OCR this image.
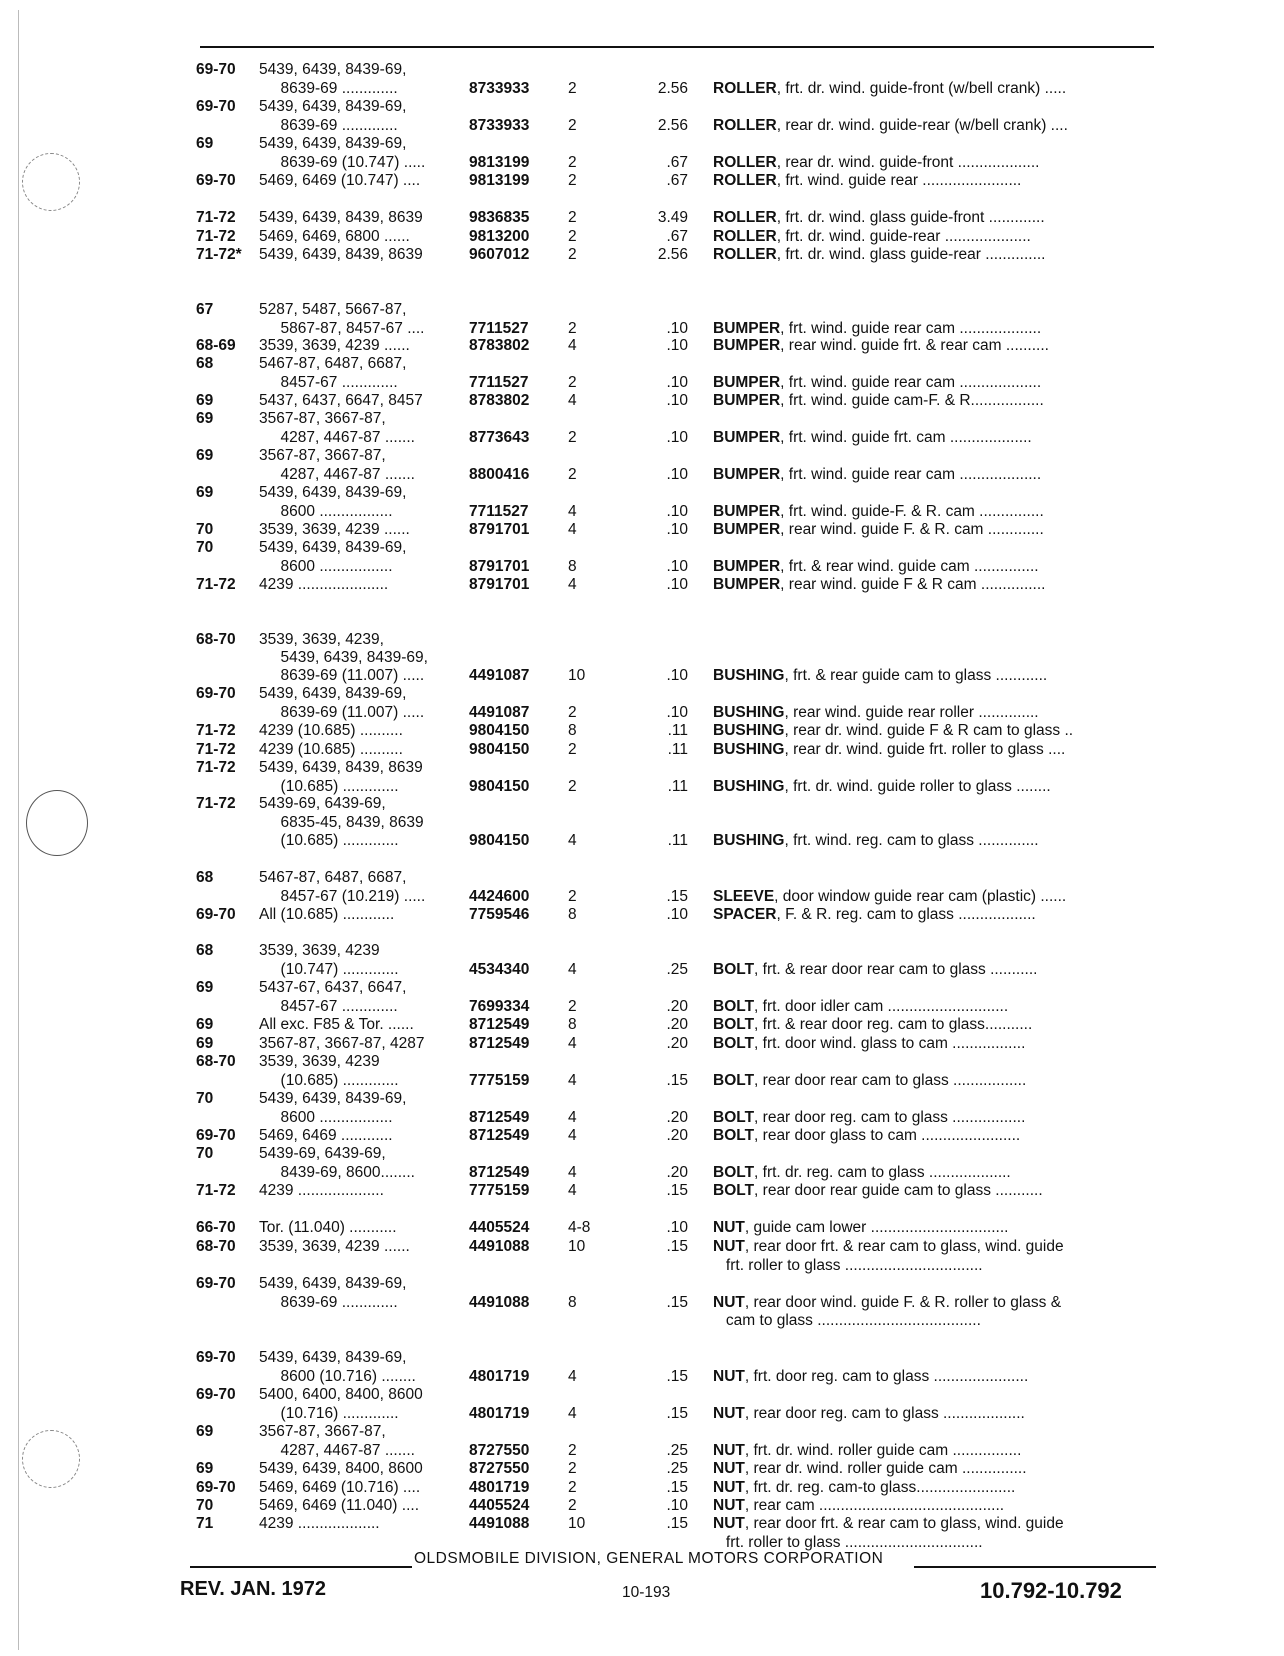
69-70	5439, 6439, 8439-69,
8639-69 .............	8733933	2	2.56 ROLLER, frt. dr. wind. guide-front (w/bell crank) .....
69-70	5439, 6439, 8439-69,
8639-69 .............	8733933	2	2.56 ROLLER, rear dr. wind. guide-rear (w/bell crank) ....
69	5439, 6439, 8439-69,
8639-69 (10.747) .....	9813199	2	.67 ROLLER, rear dr. wind. guide-front ...................
69-70	5469, 6469 (10.747) ....	9813199	2	.67 ROLLER, frt. wind. guide rear .......................
71-72	5439, 6439, 8439, 8639	9836835	2	3.49 ROLLER, frt. dr. wind. glass guide-front .............
71-72	5469, 6469, 6800 ......	9813200	2	.67 ROLLER, frt. dr. wind. guide-rear ....................
71-72*	5439, 6439, 8439, 8639	9607012	2	2.56 ROLLER, frt. dr. wind. glass guide-rear ..............
67	5287, 5487, 5667-87,
5867-87, 8457-67 ....	7711527	2	.10 BUMPER, frt. wind. guide rear cam ...................
68-69	3539, 3639, 4239 ......	8783802	4	.10 BUMPER, rear wind. guide frt. & rear cam ..........
68	5467-87, 6487, 6687,
8457-67 .............	7711527	2	.10 BUMPER, frt. wind. guide rear cam ...................
69	5437, 6437, 6647, 8457	8783802	4	.10 BUMPER, frt. wind. guide cam-F. & R.................
69	3567-87, 3667-87,
4287, 4467-87 .......	8773643	2	.10 BUMPER, frt. wind. guide frt. cam ...................
69	3567-87, 3667-87,
4287, 4467-87 .......	8800416	2	.10 BUMPER, frt. wind. guide rear cam ...................
69	5439, 6439, 8439-69,
8600 .................	7711527	4	.10 BUMPER, frt. wind. guide-F. & R. cam ...............
70	3539, 3639, 4239 ......	8791701	4	.10 BUMPER, rear wind. guide F. & R. cam .............
70	5439, 6439, 8439-69,
8600 .................	8791701	8	.10 BUMPER, frt. & rear wind. guide cam ...............
71-72	4239 .....................	8791701	4	.10 BUMPER, rear wind. guide F & R cam ...............
68-70	3539, 3639, 4239,
5439, 6439, 8439-69,
8639-69 (11.007) .....	4491087	10	.10 BUSHING, frt. & rear guide cam to glass ............
69-70	5439, 6439, 8439-69,
8639-69 (11.007) .....	4491087	2	.10 BUSHING, rear wind. guide rear roller ..............
71-72	4239 (10.685) ..........	9804150	8	.11 BUSHING, rear dr. wind. guide F & R cam to glass ..
71-72	4239 (10.685) ..........	9804150	2	.11 BUSHING, rear dr. wind. guide frt. roller to glass ....
71-72	5439, 6439, 8439, 8639
(10.685) .............	9804150	2	.11 BUSHING, frt. dr. wind. guide roller to glass ........
71-72	5439-69, 6439-69,
6835-45, 8439, 8639
(10.685) .............	9804150	4	.11 BUSHING, frt. wind. reg. cam to glass ..............
68	5467-87, 6487, 6687,
8457-67 (10.219) .....	4424600	2	.15 SLEEVE, door window guide rear cam (plastic) ......
69-70	All (10.685) ............	7759546	8	.10 SPACER, F. & R. reg. cam to glass ..................
68	3539, 3639, 4239
(10.747) .............	4534340	4	.25 BOLT, frt. & rear door rear cam to glass ...........
69	5437-67, 6437, 6647,
8457-67 .............	7699334	2	.20 BOLT, frt. door idler cam ............................
69	All exc. F85 & Tor. ......	8712549	8	.20 BOLT, frt. & rear door reg. cam to glass...........
69	3567-87, 3667-87, 4287	8712549	4	.20 BOLT, frt. door wind. glass to cam .................
68-70	3539, 3639, 4239
(10.685) .............	7775159	4	.15 BOLT, rear door rear cam to glass .................
70	5439, 6439, 8439-69,
8600 .................	8712549	4	.20 BOLT, rear door reg. cam to glass .................
69-70	5469, 6469 ............	8712549	4	.20 BOLT, rear door glass to cam .......................
70	5439-69, 6439-69,
8439-69, 8600........	8712549	4	.20 BOLT, frt. dr. reg. cam to glass ...................
71-72	4239 ....................	7775159	4	.15 BOLT, rear door rear guide cam to glass ...........
66-70	Tor. (11.040) ...........	4405524	4-8	.10 NUT, guide cam lower ................................
68-70	3539, 3639, 4239 ......	4491088	10	.15 NUT, rear door frt. & rear cam to glass, wind. guide
frt. roller to glass ................................
69-70	5439, 6439, 8439-69,
8639-69 .............	4491088	8	.15 NUT, rear door wind. guide F. & R. roller to glass &
cam to glass ......................................
69-70	5439, 6439, 8439-69,
8600 (10.716) ........	4801719	4	.15 NUT, frt. door reg. cam to glass ......................
69-70	5400, 6400, 8400, 8600
(10.716) .............	4801719	4	.15 NUT, rear door reg. cam to glass ...................
69	3567-87, 3667-87,
4287, 4467-87 .......	8727550	2	.25 NUT, frt. dr. wind. roller guide cam ................
69	5439, 6439, 8400, 8600	8727550	2	.25 NUT, rear dr. wind. roller guide cam ...............
69-70	5469, 6469 (10.716) ....	4801719	2	.15 NUT, frt. dr. reg. cam-to glass.......................
70	5469, 6469 (11.040) ....	4405524	2	.10 NUT, rear cam ...........................................
71	4239 ...................	4491088	10	.15 NUT, rear door frt. & rear cam to glass, wind. guide
frt. roller to glass ................................
OLDSMOBILE DIVISION, GENERAL MOTORS CORPORATION
REV. JAN. 1972	10-193	10.792-10.792
